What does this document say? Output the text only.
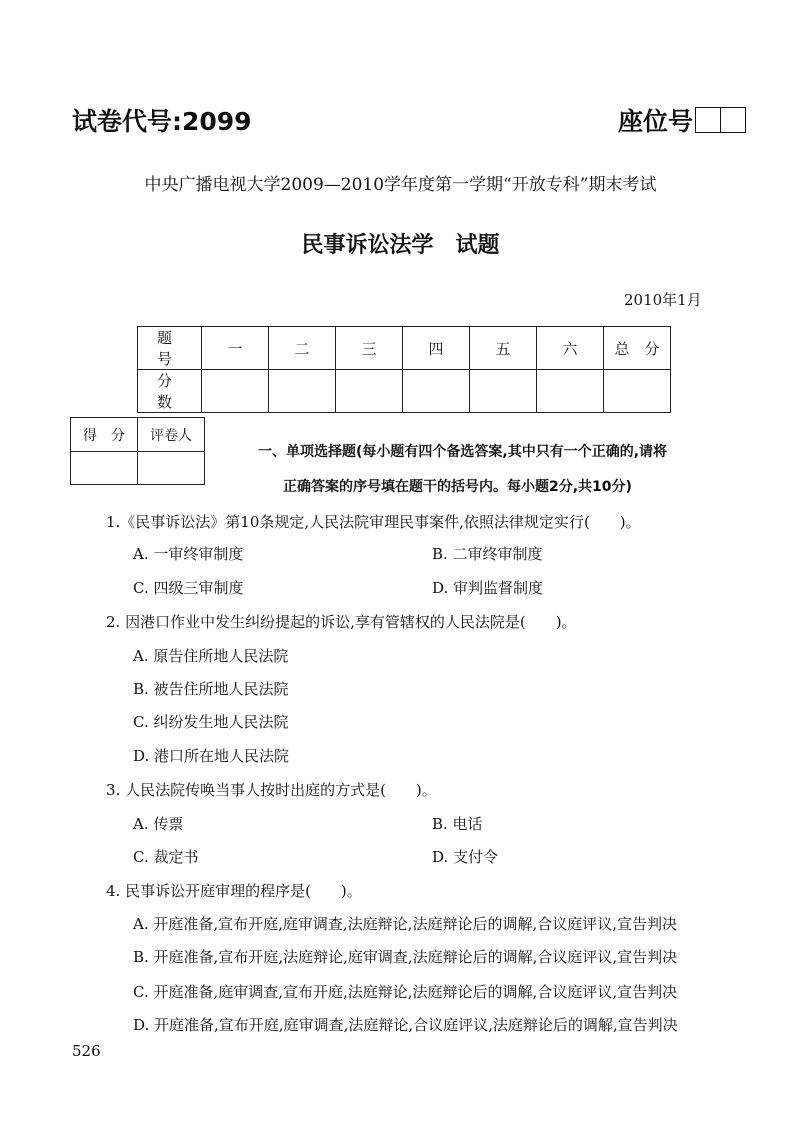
试卷代号:2099	座位号
中央广播电视大学2009—2010学年度第一学期“开放专科”期末考试
民事诉讼法学　试题
2010年1月
题　号	一	二	三	四	五	六	总　分
分　数							
得　分	评卷人

一、单项选择题(每小题有四个备选答案,其中只有一个正确的,请将
正确答案的序号填在题干的括号内。每小题2分,共10分)
1.《民事诉讼法》第10条规定,人民法院审理民事案件,依照法律规定实行(　　)。
A. 一审终审制度	B. 二审终审制度
C. 四级三审制度	D. 审判监督制度
2. 因港口作业中发生纠纷提起的诉讼,享有管辖权的人民法院是(　　)。
A. 原告住所地人民法院
B. 被告住所地人民法院
C. 纠纷发生地人民法院
D. 港口所在地人民法院
3. 人民法院传唤当事人按时出庭的方式是(　　)。
A. 传票	B. 电话
C. 裁定书	D. 支付令
4. 民事诉讼开庭审理的程序是(　　)。
A. 开庭准备,宣布开庭,庭审调查,法庭辩论,法庭辩论后的调解,合议庭评议,宣告判决
B. 开庭准备,宣布开庭,法庭辩论,庭审调查,法庭辩论后的调解,合议庭评议,宣告判决
C. 开庭准备,庭审调查,宣布开庭,法庭辩论,法庭辩论后的调解,合议庭评议,宣告判决
D. 开庭准备,宣布开庭,庭审调查,法庭辩论,合议庭评议,法庭辩论后的调解,宣告判决
526
